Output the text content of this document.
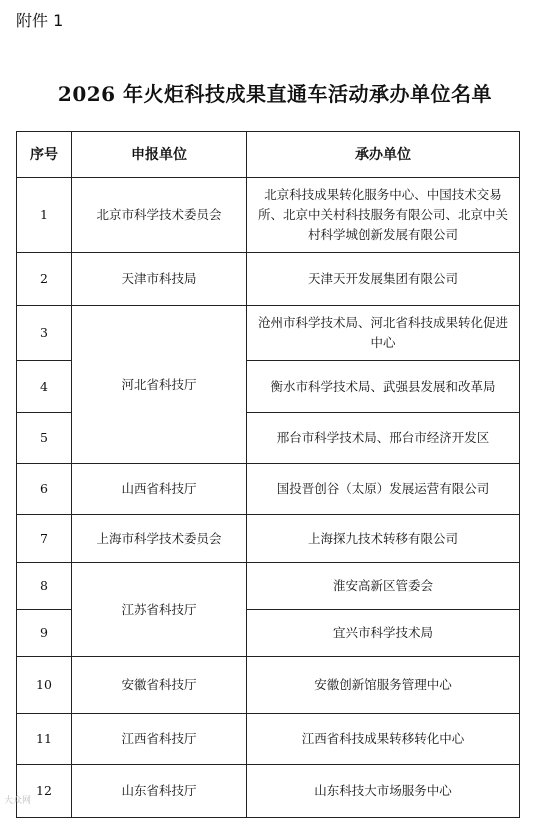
附件 1
2026 年火炬科技成果直通车活动承办单位名单
序号	申报单位	承办单位
1	北京市科学技术委员会	北京科技成果转化服务中心、中国技术交易所、北京中关村科技服务有限公司、北京中关村科学城创新发展有限公司
2	天津市科技局	天津天开发展集团有限公司
3	河北省科技厅	沧州市科学技术局、河北省科技成果转化促进中心
4		衡水市科学技术局、武强县发展和改革局
5		邢台市科学技术局、邢台市经济开发区
6	山西省科技厅	国投晋创谷（太原）发展运营有限公司
7	上海市科学技术委员会	上海探九技术转移有限公司
8	江苏省科技厅	淮安高新区管委会
9		宜兴市科学技术局
10	安徽省科技厅	安徽创新馆服务管理中心
11	江西省科技厅	江西省科技成果转移转化中心
12	山东省科技厅	山东科技大市场服务中心
大众网
